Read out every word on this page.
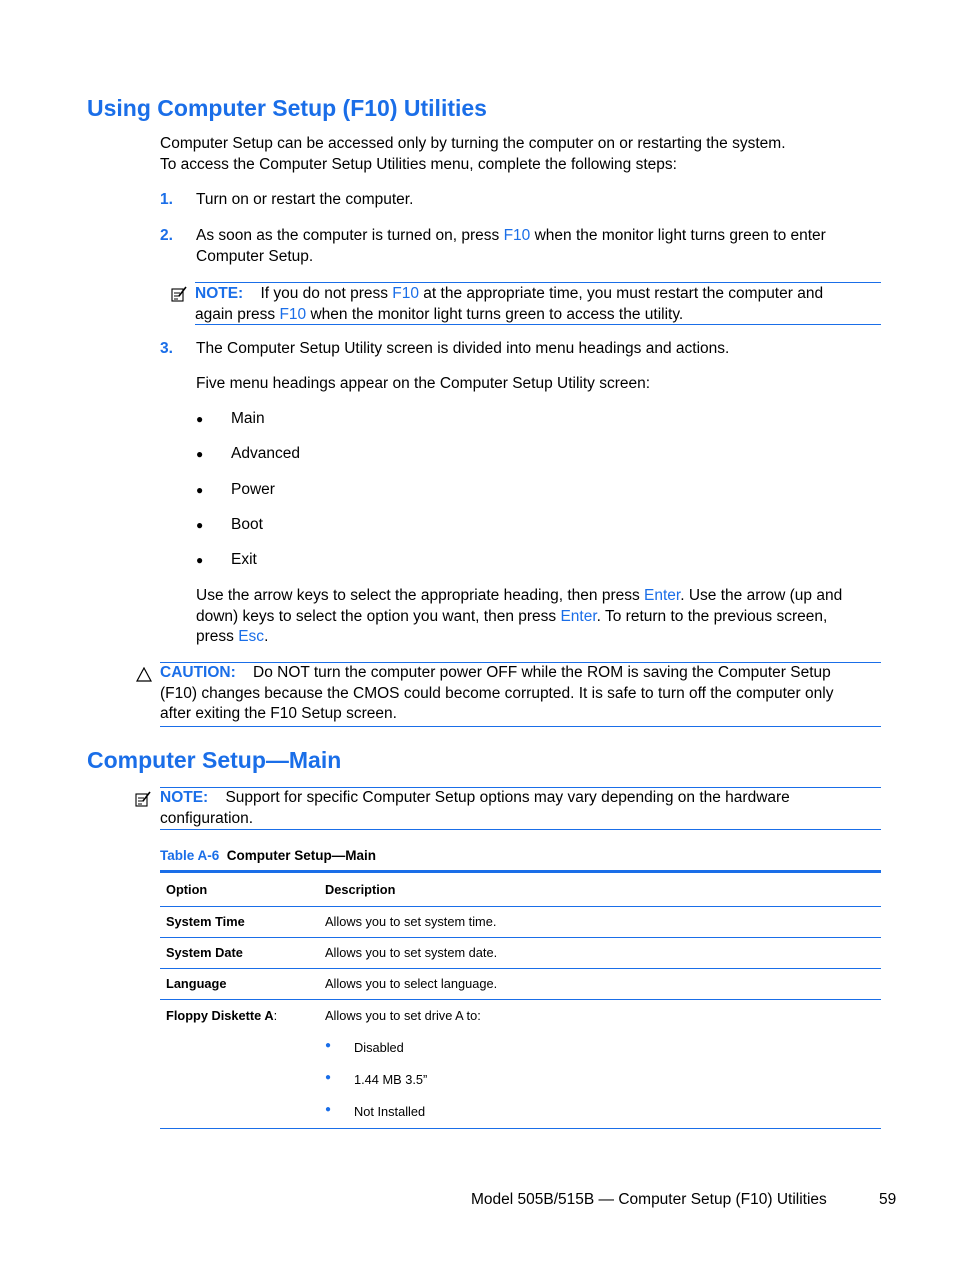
Using Computer Setup (F10) Utilities
Computer Setup can be accessed only by turning the computer on or restarting the system.
To access the Computer Setup Utilities menu, complete the following steps:
1. Turn on or restart the computer.
2. As soon as the computer is turned on, press F10 when the monitor light turns green to enter
Computer Setup.
NOTE: If you do not press F10 at the appropriate time, you must restart the computer and
again press F10 when the monitor light turns green to access the utility.
3. The Computer Setup Utility screen is divided into menu headings and actions.
Five menu headings appear on the Computer Setup Utility screen:
● Main
● Advanced
● Power
● Boot
● Exit
Use the arrow keys to select the appropriate heading, then press Enter. Use the arrow (up and
down) keys to select the option you want, then press Enter. To return to the previous screen,
press Esc.
CAUTION: Do NOT turn the computer power OFF while the ROM is saving the Computer Setup
(F10) changes because the CMOS could become corrupted. It is safe to turn off the computer only
after exiting the F10 Setup screen.
Computer Setup—Main
NOTE: Support for specific Computer Setup options may vary depending on the hardware
configuration.
Table A-6 Computer Setup—Main
Option	Description
System Time	Allows you to set system time.
System Date	Allows you to set system date.
Language	Allows you to select language.
Floppy Diskette A:	Allows you to set drive A to:
● Disabled
● 1.44 MB 3.5”
● Not Installed
Model 505B/515B — Computer Setup (F10) Utilities	59
